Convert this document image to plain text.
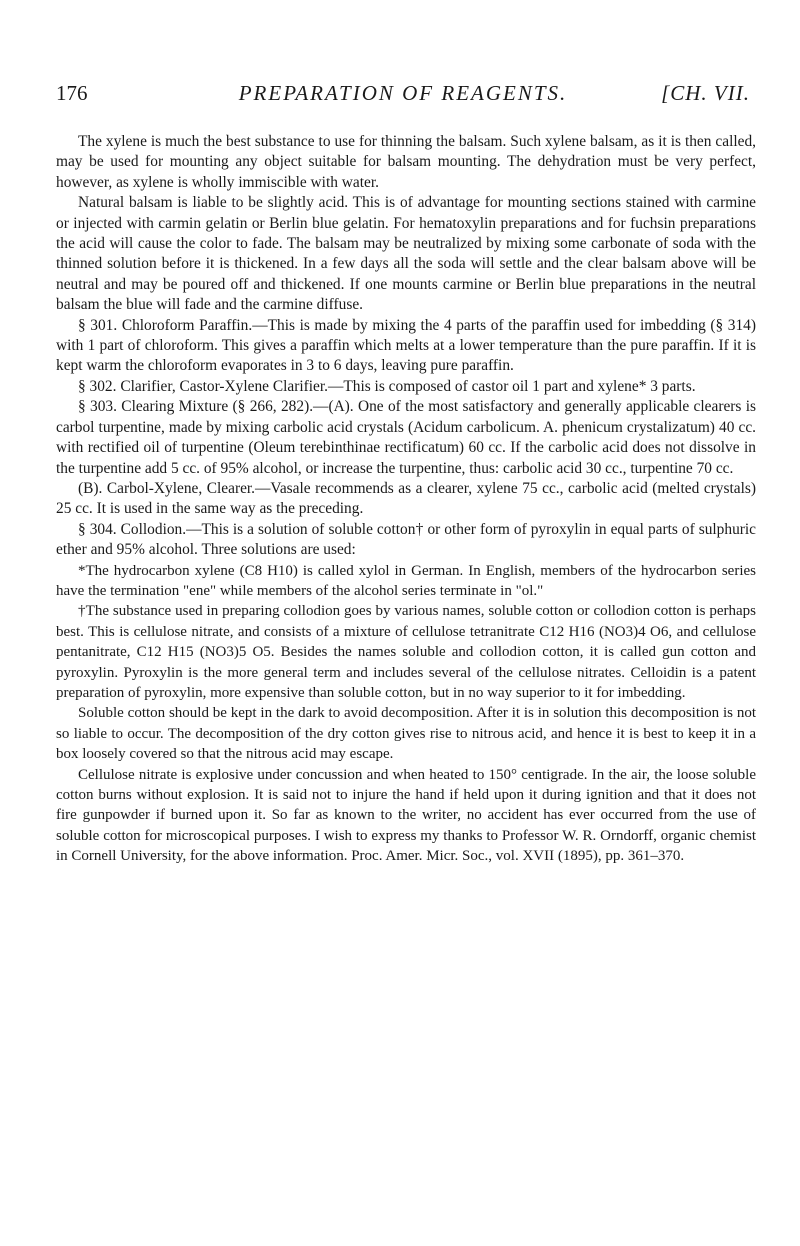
176	PREPARATION OF REAGENTS.	[CH. VII.

The xylene is much the best substance to use for thinning the balsam. Such xylene balsam, as it is then called, may be used for mounting any object suitable for balsam mounting. The dehydration must be very perfect, however, as xylene is wholly immiscible with water.

Natural balsam is liable to be slightly acid. This is of advantage for mounting sections stained with carmine or injected with carmin gelatin or Berlin blue gelatin. For hematoxylin preparations and for fuchsin preparations the acid will cause the color to fade. The balsam may be neutralized by mixing some carbonate of soda with the thinned solution before it is thickened. In a few days all the soda will settle and the clear balsam above will be neutral and may be poured off and thickened. If one mounts carmine or Berlin blue preparations in the neutral balsam the blue will fade and the carmine diffuse.

§ 301. Chloroform Paraffin.—This is made by mixing the 4 parts of the paraffin used for imbedding (§ 314) with 1 part of chloroform. This gives a paraffin which melts at a lower temperature than the pure paraffin. If it is kept warm the chloroform evaporates in 3 to 6 days, leaving pure paraffin.

§ 302. Clarifier, Castor-Xylene Clarifier.—This is composed of castor oil 1 part and xylene* 3 parts.

§ 303. Clearing Mixture (§ 266, 282).—(A). One of the most satisfactory and generally applicable clearers is carbol turpentine, made by mixing carbolic acid crystals (Acidum carbolicum. A. phenicum crystalizatum) 40 cc. with rectified oil of turpentine (Oleum terebinthinae rectificatum) 60 cc. If the carbolic acid does not dissolve in the turpentine add 5 cc. of 95% alcohol, or increase the turpentine, thus: carbolic acid 30 cc., turpentine 70 cc.

(B). Carbol-Xylene, Clearer.—Vasale recommends as a clearer, xylene 75 cc., carbolic acid (melted crystals) 25 cc. It is used in the same way as the preceding.

§ 304. Collodion.—This is a solution of soluble cotton† or other form of pyroxylin in equal parts of sulphuric ether and 95% alcohol. Three solutions are used:

*The hydrocarbon xylene (C8 H10) is called xylol in German. In English, members of the hydrocarbon series have the termination "ene" while members of the alcohol series terminate in "ol."

†The substance used in preparing collodion goes by various names, soluble cotton or collodion cotton is perhaps best. This is cellulose nitrate, and consists of a mixture of cellulose tetranitrate C12 H16 (NO3)4 O6, and cellulose pentanitrate, C12 H15 (NO3)5 O5. Besides the names soluble and collodion cotton, it is called gun cotton and pyroxylin. Pyroxylin is the more general term and includes several of the cellulose nitrates. Celloidin is a patent preparation of pyroxylin, more expensive than soluble cotton, but in no way superior to it for imbedding.

Soluble cotton should be kept in the dark to avoid decomposition. After it is in solution this decomposition is not so liable to occur. The decomposition of the dry cotton gives rise to nitrous acid, and hence it is best to keep it in a box loosely covered so that the nitrous acid may escape.

Cellulose nitrate is explosive under concussion and when heated to 150° centigrade. In the air, the loose soluble cotton burns without explosion. It is said not to injure the hand if held upon it during ignition and that it does not fire gunpowder if burned upon it. So far as known to the writer, no accident has ever occurred from the use of soluble cotton for microscopical purposes. I wish to express my thanks to Professor W. R. Orndorff, organic chemist in Cornell University, for the above information. Proc. Amer. Micr. Soc., vol. XVII (1895), pp. 361–370.
